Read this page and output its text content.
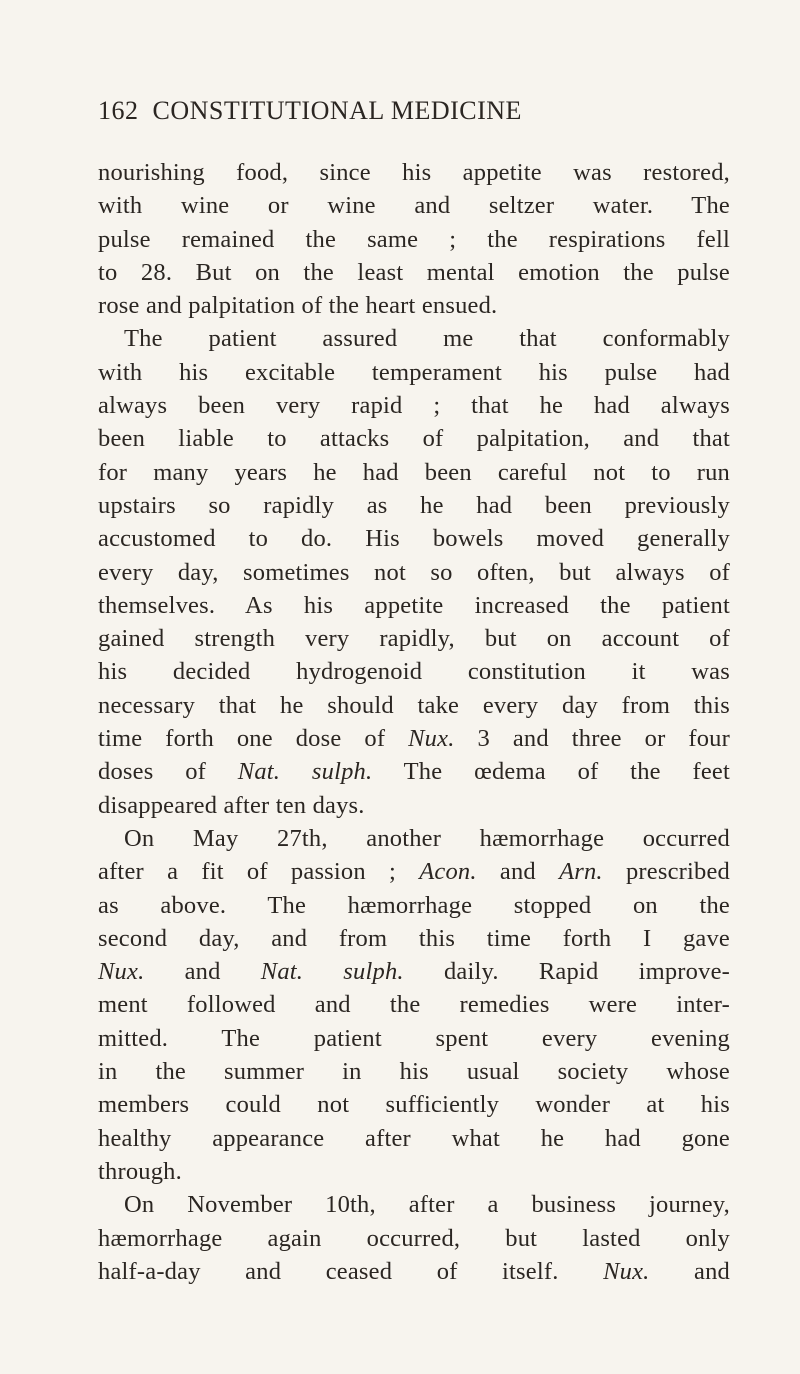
162 CONSTITUTIONAL MEDICINE
nourishing food, since his appetite was restored,
with wine or wine and seltzer water. The
pulse remained the same ; the respirations fell
to 28. But on the least mental emotion the pulse
rose and palpitation of the heart ensued.
The patient assured me that conformably
with his excitable temperament his pulse had
always been very rapid ; that he had always
been liable to attacks of palpitation, and that
for many years he had been careful not to run
upstairs so rapidly as he had been previously
accustomed to do. His bowels moved generally
every day, sometimes not so often, but always of
themselves. As his appetite increased the patient
gained strength very rapidly, but on account of
his decided hydrogenoid constitution it was
necessary that he should take every day from this
time forth one dose of Nux. 3 and three or four
doses of Nat. sulph. The œdema of the feet
disappeared after ten days.
On May 27th, another hæmorrhage occurred
after a fit of passion ; Acon. and Arn. prescribed
as above. The hæmorrhage stopped on the
second day, and from this time forth I gave
Nux. and Nat. sulph. daily. Rapid improve-
ment followed and the remedies were inter-
mitted. The patient spent every evening
in the summer in his usual society whose
members could not sufficiently wonder at his
healthy appearance after what he had gone
through.
On November 10th, after a business journey,
hæmorrhage again occurred, but lasted only
half-a-day and ceased of itself. Nux. and
